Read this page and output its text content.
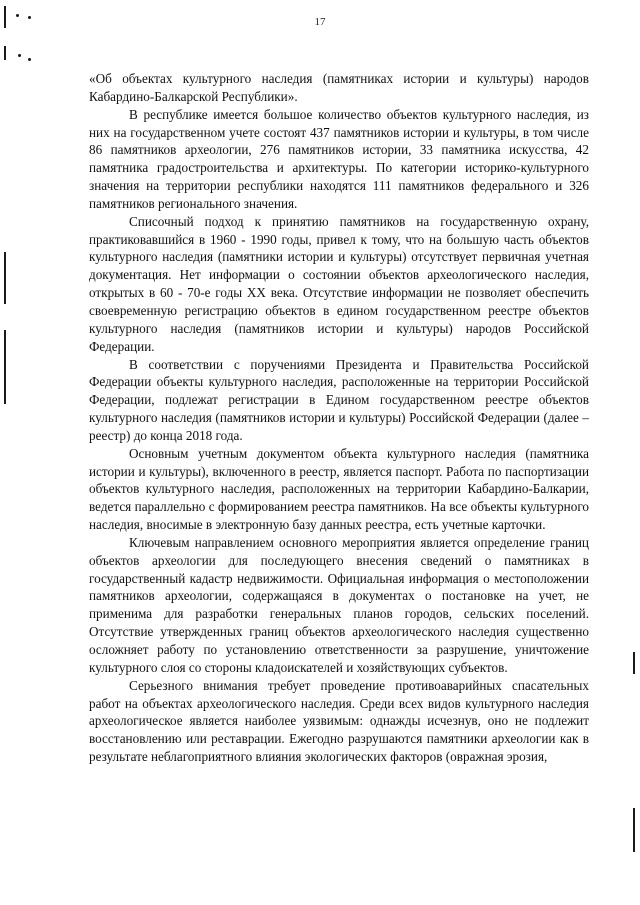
17

«Об объектах культурного наследия (памятниках истории и культуры) народов Кабардино-Балкарской Республики».

В республике имеется большое количество объектов культурного наследия, из них на государственном учете состоят 437 памятников истории и культуры, в том числе 86 памятников археологии, 276 памятников истории, 33 памятника искусства, 42 памятника градостроительства и архитектуры. По категории историко-культурного значения на территории республики находятся 111 памятников федерального и 326 памятников регионального значения.

Списочный подход к принятию памятников на государственную охрану, практиковавшийся в 1960 - 1990 годы, привел к тому, что на большую часть объектов культурного наследия (памятники истории и культуры) отсутствует первичная учетная документация. Нет информации о состоянии объектов археологического наследия, открытых в 60 - 70-е годы XX века. Отсутствие информации не позволяет обеспечить своевременную регистрацию объектов в едином государственном реестре объектов культурного наследия (памятников истории и культуры) народов Российской Федерации.

В соответствии с поручениями Президента и Правительства Российской Федерации объекты культурного наследия, расположенные на территории Российской Федерации, подлежат регистрации в Едином государственном реестре объектов культурного наследия (памятников истории и культуры) Российской Федерации (далее – реестр) до конца 2018 года.

Основным учетным документом объекта культурного наследия (памятника истории и культуры), включенного в реестр, является паспорт. Работа по паспортизации объектов культурного наследия, расположенных на территории Кабардино-Балкарии, ведется параллельно с формированием реестра памятников. На все объекты культурного наследия, вносимые в электронную базу данных реестра, есть учетные карточки.

Ключевым направлением основного мероприятия является определение границ объектов археологии для последующего внесения сведений о памятниках в государственный кадастр недвижимости. Официальная информация о местоположении памятников археологии, содержащаяся в документах о постановке на учет, не применима для разработки генеральных планов городов, сельских поселений. Отсутствие утвержденных границ объектов археологического наследия существенно осложняет работу по установлению ответственности за разрушение, уничтожение культурного слоя со стороны кладоискателей и хозяйствующих субъектов.

Серьезного внимания требует проведение противоаварийных спасательных работ на объектах археологического наследия. Среди всех видов культурного наследия археологическое является наиболее уязвимым: однажды исчезнув, оно не подлежит восстановлению или реставрации. Ежегодно разрушаются памятники археологии как в результате неблагоприятного влияния экологических факторов (овражная эрозия,
